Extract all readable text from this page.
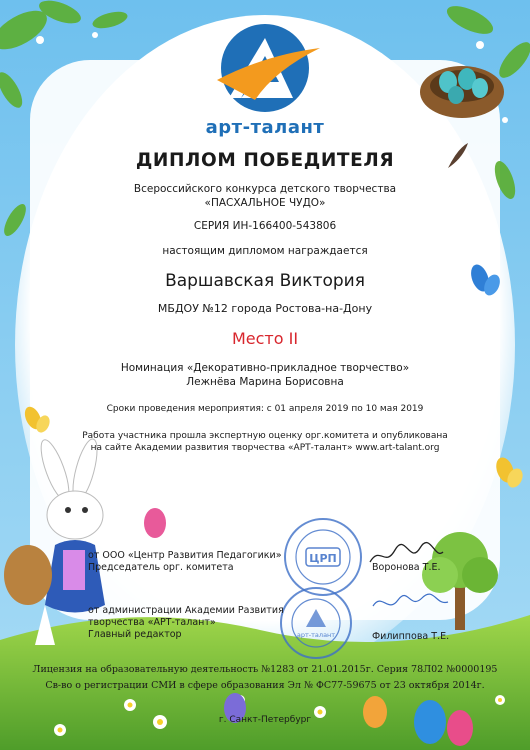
арт-талант
ДИПЛОМ ПОБЕДИТЕЛЯ
Всероссийского конкурса детского творчества
«ПАСХАЛЬНОЕ ЧУДО»
СЕРИЯ ИН-166400-543806
настоящим дипломом награждается
Варшавская Виктория
МБДОУ №12 города Ростова-на-Дону
Место II
Номинация «Декоративно-прикладное творчество»
Лежнёва Марина Борисовна
Сроки проведения мероприятия: с 01 апреля 2019 по 10 мая 2019
Работа участника прошла экспертную оценку орг.комитета и опубликована
на сайте Академии развития творчества «АРТ-талант» www.art-talant.org
ЦРП
арт-талант
от ООО «Центр Развития Педагогики»
Председатель орг. комитета	Воронова Т.Е.
от администрации Академии Развития
творчества «АРТ-талант»
Главный редактор	Филиппова Т.Е.
Лицензия на образовательную деятельность №1283 от 21.01.2015г. Серия 78Л02 №0000195
Св-во о регистрации СМИ в сфере образования Эл № ФС77-59675 от 23 октября 2014г.
г. Санкт-Петербург
